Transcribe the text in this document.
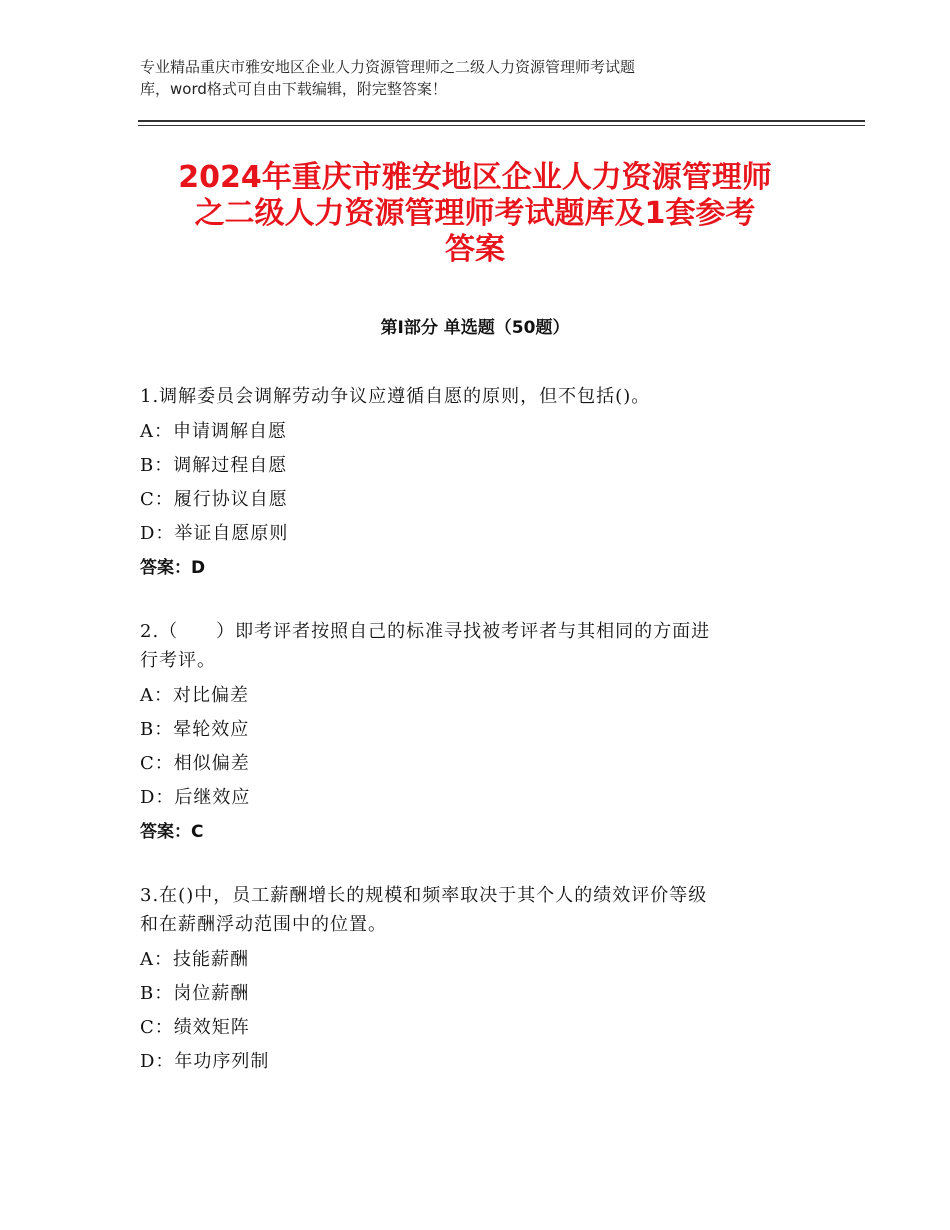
专业精品重庆市雅安地区企业人力资源管理师之二级人力资源管理师考试题
库，word格式可自由下载编辑，附完整答案！
2024年重庆市雅安地区企业人力资源管理师
之二级人力资源管理师考试题库及1套参考
答案
第Ⅰ部分 单选题（50题）
1.调解委员会调解劳动争议应遵循自愿的原则，但不包括()。
A：申请调解自愿
B：调解过程自愿
C：履行协议自愿
D：举证自愿原则
答案：D
2.（　　）即考评者按照自己的标准寻找被考评者与其相同的方面进
行考评。
A：对比偏差
B：晕轮效应
C：相似偏差
D：后继效应
答案：C
3.在()中，员工薪酬增长的规模和频率取决于其个人的绩效评价等级
和在薪酬浮动范围中的位置。
A：技能薪酬
B：岗位薪酬
C：绩效矩阵
D：年功序列制
